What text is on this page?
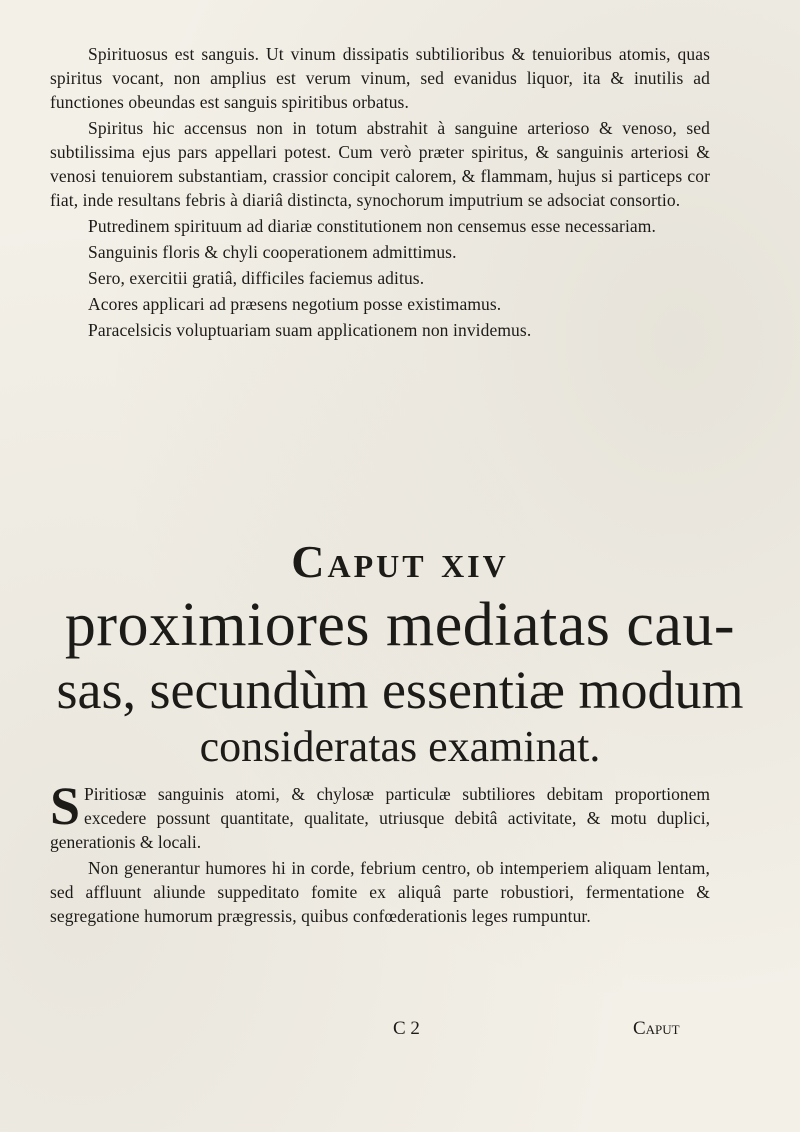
Spirituosus est sanguis. Ut vinum dissipatis subtilioribus & tenuioribus atomis, quas spiritus vocant, non amplius est verum vinum, sed evanidus liquor, ita & inutilis ad functiones obeundas est sanguis spiritibus orbatus.

Spiritus hic accensus non in totum abstrahit à sanguine arterioso & venoso, sed subtilissima ejus pars appellari potest. Cum verò præter spiritus, & sanguinis arteriosi & venosi tenuiorem substantiam, crassior concipit calorem, & flammam, hujus si particeps cor fiat, inde resultans febris à diariâ distincta, synochorum imputrium se adsociat consortio.

Putredinem spirituum ad diariæ constitutionem non censemus esse necessariam.

Sanguinis floris & chyli cooperationem admittimus.

Sero, exercitii gratiâ, difficiles faciemus aditus.

Acores applicari ad præsens negotium posse existimamus.

Paracelsicis voluptuariam suam applicationem non invidemus.

Caput xiv
proximiores mediatas cau-
sas, secundùm essentiæ modum
consideratas examinat.

S Piritiosæ sanguinis atomi, & chylosæ particulæ subtiliores debitam proportionem excedere possunt quantitate, qualitate, utriusque debitâ activitate, & motu duplici, generationis & locali.

Non generantur humores hi in corde, febrium centro, ob intemperiem aliquam lentam, sed affluunt aliunde suppeditato fomite ex aliquâ parte robustiori, fermentatione & segregatione humorum prægressis, quibus confœderationis leges rumpuntur.

C 2	Caput
